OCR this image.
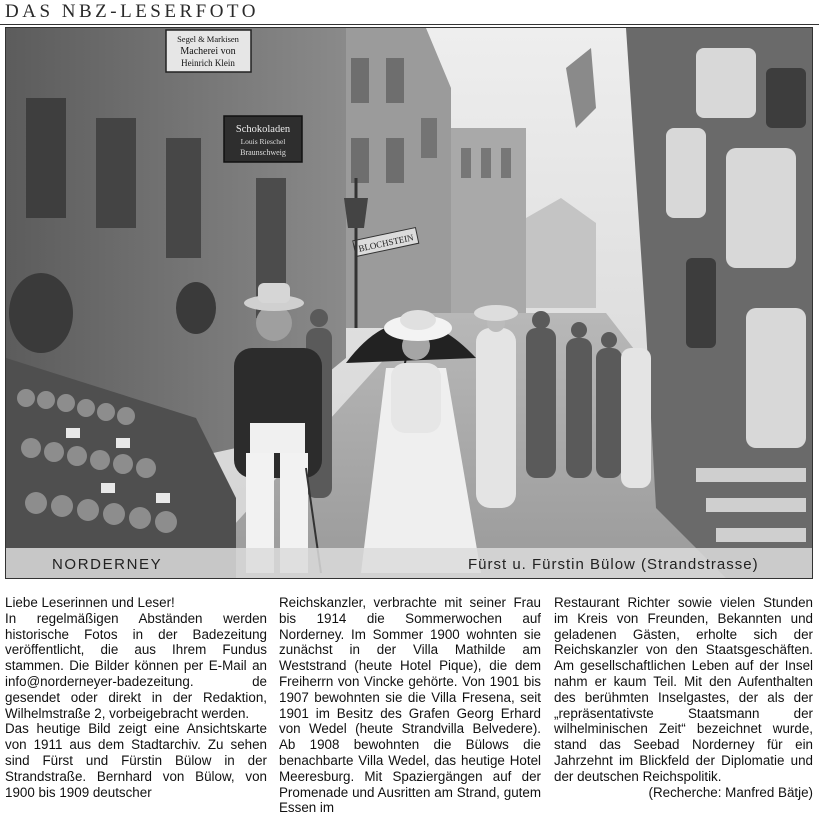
DAS NBZ-LESERFOTO
Segel & Markisen
Macherei von
Heinrich Klein
Schokoladen
Louis Rieschel
Braunschweig
BLOCHSTEIN
NORDERNEY	Fürst u. Fürstin Bülow (Strandstrasse)

Liebe Leserinnen und Leser!

In regelmäßigen Abständen werden historische Fotos in der Badezeitung veröffentlicht, die aus Ihrem Fundus stammen. Die Bilder können per E-Mail an info@norderneyer-badezeitung. de gesendet oder direkt in der Redaktion, Wilhelmstraße 2, vorbeigebracht werden.

Das heutige Bild zeigt eine Ansichtskarte von 1911 aus dem Stadtarchiv. Zu sehen sind Fürst und Fürstin Bülow in der Strandstraße. Bernhard von Bülow, von 1900 bis 1909 deutscher

Reichskanzler, verbrachte mit seiner Frau bis 1914 die Sommerwochen auf Norderney. Im Sommer 1900 wohnten sie zunächst in der Villa Mathilde am Weststrand (heute Hotel Pique), die dem Freiherrn von Vincke gehörte. Von 1901 bis 1907 bewohnten sie die Villa Fresena, seit 1901 im Besitz des Grafen Georg Erhard von Wedel (heute Strandvilla Belvedere). Ab 1908 bewohnten die Bülows die benachbarte Villa Wedel, das heutige Hotel Meeresburg. Mit Spaziergängen auf der Promenade und Ausritten am Strand, gutem Essen im

Restaurant Richter sowie vielen Stunden im Kreis von Freunden, Bekannten und geladenen Gästen, erholte sich der Reichskanzler von den Staatsgeschäften. Am gesellschaftlichen Leben auf der Insel nahm er kaum Teil. Mit den Aufenthalten des berühmten Inselgastes, der als der „repräsentativste Staatsmann der wilhelminischen Zeit“ bezeichnet wurde, stand das Seebad Norderney für ein Jahrzehnt im Blickfeld der Diplomatie und der deutschen Reichspolitik.

(Recherche: Manfred Bätje)
